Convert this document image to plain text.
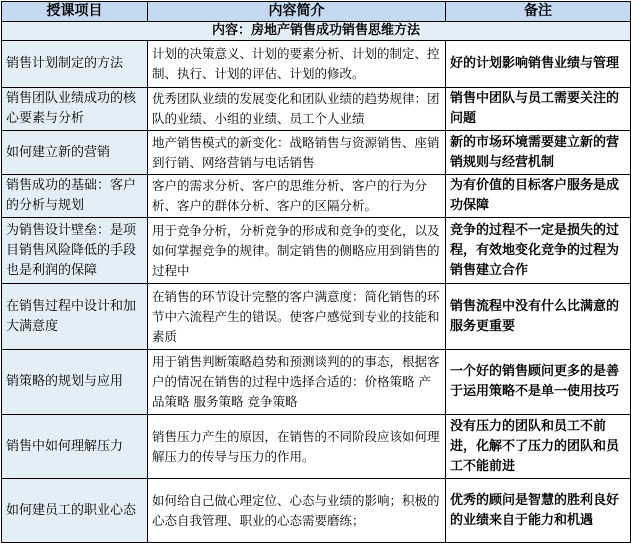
授课项目	内容简介	备注
内容：房地产销售成功销售思维方法		
销售计划制定的方法	计划的决策意义、计划的要素分析、计划的制定、控制、执行、计划的评估、计划的修改。	好的计划影响销售业绩与管理
销售团队业绩成功的核心要素与分析	优秀团队业绩的发展变化和团队业绩的趋势规律：团队的业绩、小组的业绩、员工个人业绩	销售中团队与员工需要关注的问题
如何建立新的营销	地产销售模式的新变化：战略销售与资源销售、座销到行销、网络营销与电话销售	新的市场环境需要建立新的营销规则与经营机制
销售成功的基础：客户的分析与规划	客户的需求分析、客户的思维分析、客户的行为分析、客户的群体分析、客户的区隔分析。	为有价值的目标客户服务是成功保障
为销售设计壁垒：是项目销售风险降低的手段也是利润的保障	用于竞争分析，分析竞争的形成和竞争的变化，以及如何掌握竞争的规律。制定销售的侧略应用到销售的过程中	竞争的过程不一定是损失的过程，有效地变化竞争的过程为销售建立合作
在销售过程中设计和加大满意度	在销售的环节设计完整的客户满意度：简化销售的环节中六流程产生的错误。使客户感觉到专业的技能和素质	销售流程中没有什么比满意的服务更重要
销策略的规划与应用	用于销售判断策略趋势和预测谈判的的事态，根据客户的情况在销售的过程中选择合适的：价格策略 产品策略 服务策略 竞争策略	一个好的销售顾问更多的是善于运用策略不是单一使用技巧
销售中如何理解压力	销售压力产生的原因，在销售的不同阶段应该如何理解压力的传导与压力的作用。	没有压力的团队和员工不前进，化解不了压力的团队和员工不能前进
如何建员工的职业心态	如何给自己做心理定位、心态与业绩的影响；积极的心态自我管理、职业的心态需要磨练；	优秀的顾问是智慧的胜利良好的业绩来自于能力和机遇
